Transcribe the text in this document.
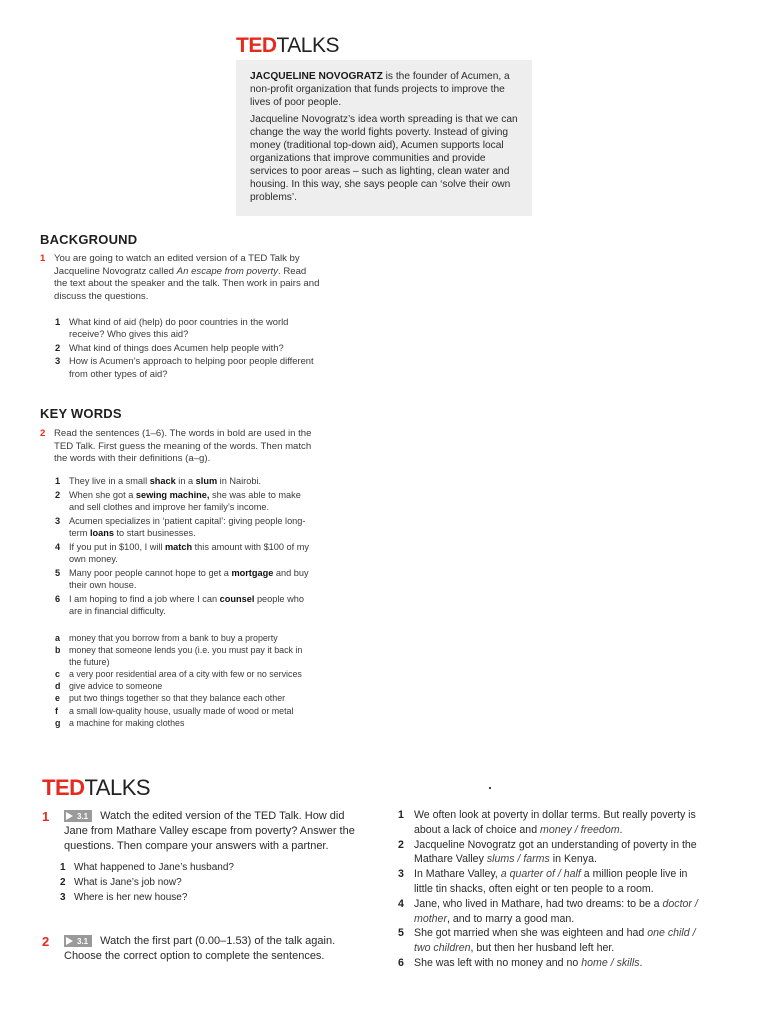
TEDTALKS

JACQUELINE NOVOGRATZ is the founder of Acumen, a non-profit organization that funds projects to improve the lives of poor people.

Jacqueline Novogratz’s idea worth spreading is that we can change the way the world fights poverty. Instead of giving money (traditional top-down aid), Acumen supports local organizations that improve communities and provide services to poor areas – such as lighting, clean water and housing. In this way, she says people can ‘solve their own problems’.

BACKGROUND
1 You are going to watch an edited version of a TED Talk by Jacqueline Novogratz called An escape from poverty. Read the text about the speaker and the talk. Then work in pairs and discuss the questions.
1 What kind of aid (help) do poor countries in the world receive? Who gives this aid?
2 What kind of things does Acumen help people with?
3 How is Acumen’s approach to helping poor people different from other types of aid?
KEY WORDS
2 Read the sentences (1–6). The words in bold are used in the TED Talk. First guess the meaning of the words. Then match the words with their definitions (a–g).
1 They live in a small shack in a slum in Nairobi.
2 When she got a sewing machine, she was able to make and sell clothes and improve her family’s income.
3 Acumen specializes in ‘patient capital’: giving people long-term loans to start businesses.
4 If you put in $100, I will match this amount with $100 of my own money.
5 Many poor people cannot hope to get a mortgage and buy their own house.
6 I am hoping to find a job where I can counsel people who are in financial difficulty.
a	money that you borrow from a bank to buy a property
b money that someone lends you (i.e. you must pay it back in the future)
c	a very poor residential area of a city with few or no services
d give advice to someone
e	put two things together so that they balance each other
f	a small low-quality house, usually made of wood or metal
g a machine for making clothes
TEDTALKS
1	3.1 Watch the edited version of the TED Talk. How did Jane from Mathare Valley escape from poverty? Answer the questions. Then compare your answers with a partner.
1 What happened to Jane’s husband?
2 What is Jane’s job now?
3 Where is her new house?
2	3.1 Watch the first part (0.00–1.53) of the talk again. Choose the correct option to complete the sentences.
1 We often look at poverty in dollar terms. But really poverty is about a lack of choice and money / freedom.
2 Jacqueline Novogratz got an understanding of poverty in the Mathare Valley slums / farms in Kenya.
3 In Mathare Valley, a quarter of / half a million people live in little tin shacks, often eight or ten people to a room.
4 Jane, who lived in Mathare, had two dreams: to be a doctor / mother, and to marry a good man.
5 She got married when she was eighteen and had one child / two children, but then her husband left her.
6 She was left with no money and no home / skills.
